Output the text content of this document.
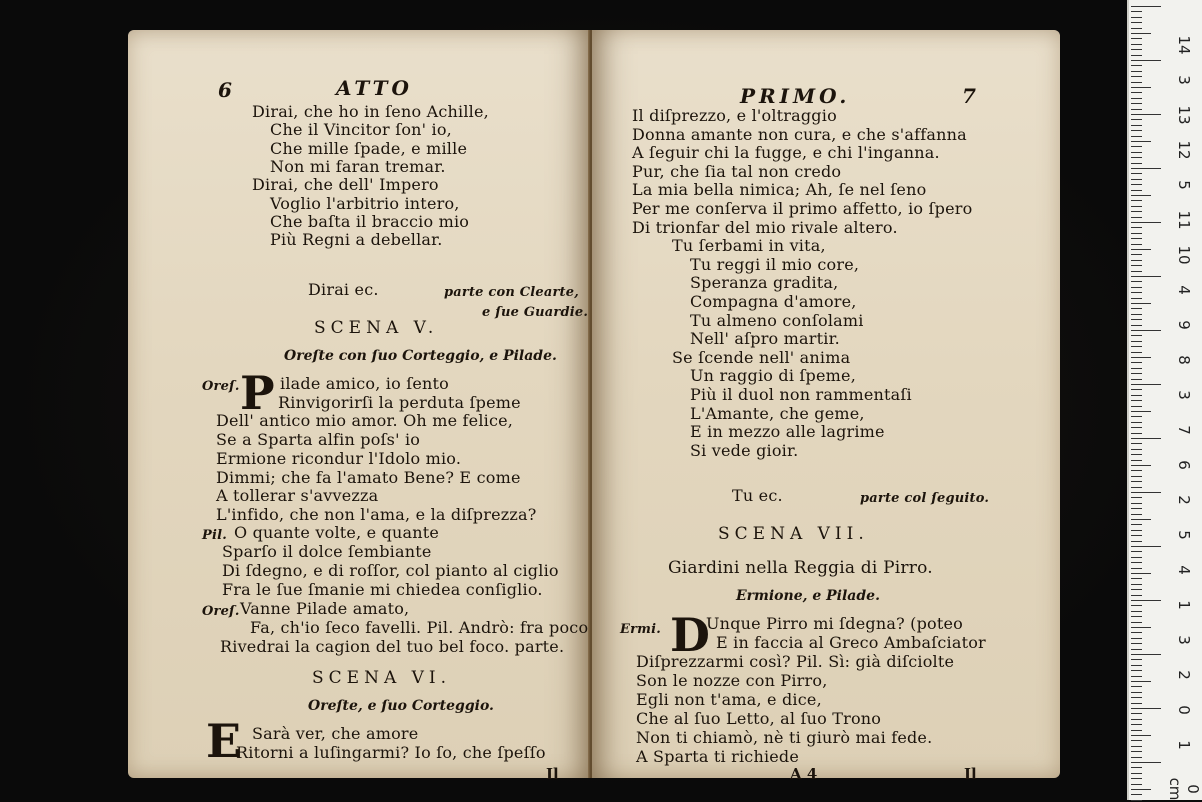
6	ATTO
Dirai, che ho in ſeno Achille,
Che il Vincitor ſon' io,
Che mille ſpade, e mille
Non mi faran tremar.
Dirai, che dell' Impero
Voglio l'arbitrio intero,
Che baſta il braccio mio
Più Regni a debellar.
Dirai ec.	parte con Clearte,
e ſue Guardie.
SCENA V.
Oreſte con ſuo Corteggio, e Pilade.
Oreſ. P ilade amico, io ſento
Rinvigorirſi la perduta ſpeme
Dell' antico mio amor. Oh me felice,
Se a Sparta alfin poſs' io
Ermione ricondur l'Idolo mio.
Dimmi; che fa l'amato Bene? E come
A tollerar s'avvezza
L'infido, che non l'ama, e la diſprezza?
Pil. O quante volte, e quante
Sparſo il dolce ſembiante
Di ſdegno, e di roſſor, col pianto al ciglio
Fra le ſue ſmanie mi chiedea conſiglio.
Oreſ. Vanne Pilade amato,
Fa, ch'io ſeco favelli. Pil. Andrò: fra poco
Rivedrai la cagion del tuo bel foco. parte.
SCENA VI.
Oreſte, e ſuo Corteggio.
E Sarà ver, che amore
Ritorni a luſingarmi? Io ſo, che ſpeſſo
Il
PRIMO.	7
Il diſprezzo, e l'oltraggio
Donna amante non cura, e che s'affanna
A ſeguir chi la fugge, e chi l'inganna.
Pur, che ſia tal non credo
La mia bella nimica; Ah, ſe nel ſeno
Per me conſerva il primo affetto, io ſpero
Di trionfar del mio rivale altero.
Tu ſerbami in vita,
Tu reggi il mio core,
Speranza gradita,
Compagna d'amore,
Tu almeno conſolami
Nell' aſpro martir.
Se ſcende nell' anima
Un raggio di ſpeme,
Più il duol non rammentaſi
L'Amante, che geme,
E in mezzo alle lagrime
Si vede gioir.
Tu ec.	parte col ſeguito.
SCENA VII.
Giardini nella Reggia di Pirro.
Ermione, e Pilade.
Ermi. D
Unque Pirro mi ſdegna? (poteo
E in faccia al Greco Ambaſciator
Diſprezzarmi così? Pil. Sì: già diſciolte
Son le nozze con Pirro,
Egli non t'ama, e dice,
Che al ſuo Letto, al ſuo Trono
Non ti chiamò, nè ti giurò mai fede.
A Sparta ti richiede
A 4	Il
14
3
13
12
5
11
10
4
9
8
3
7
6
2
5
4
1
3
2
0
1
0 cm
